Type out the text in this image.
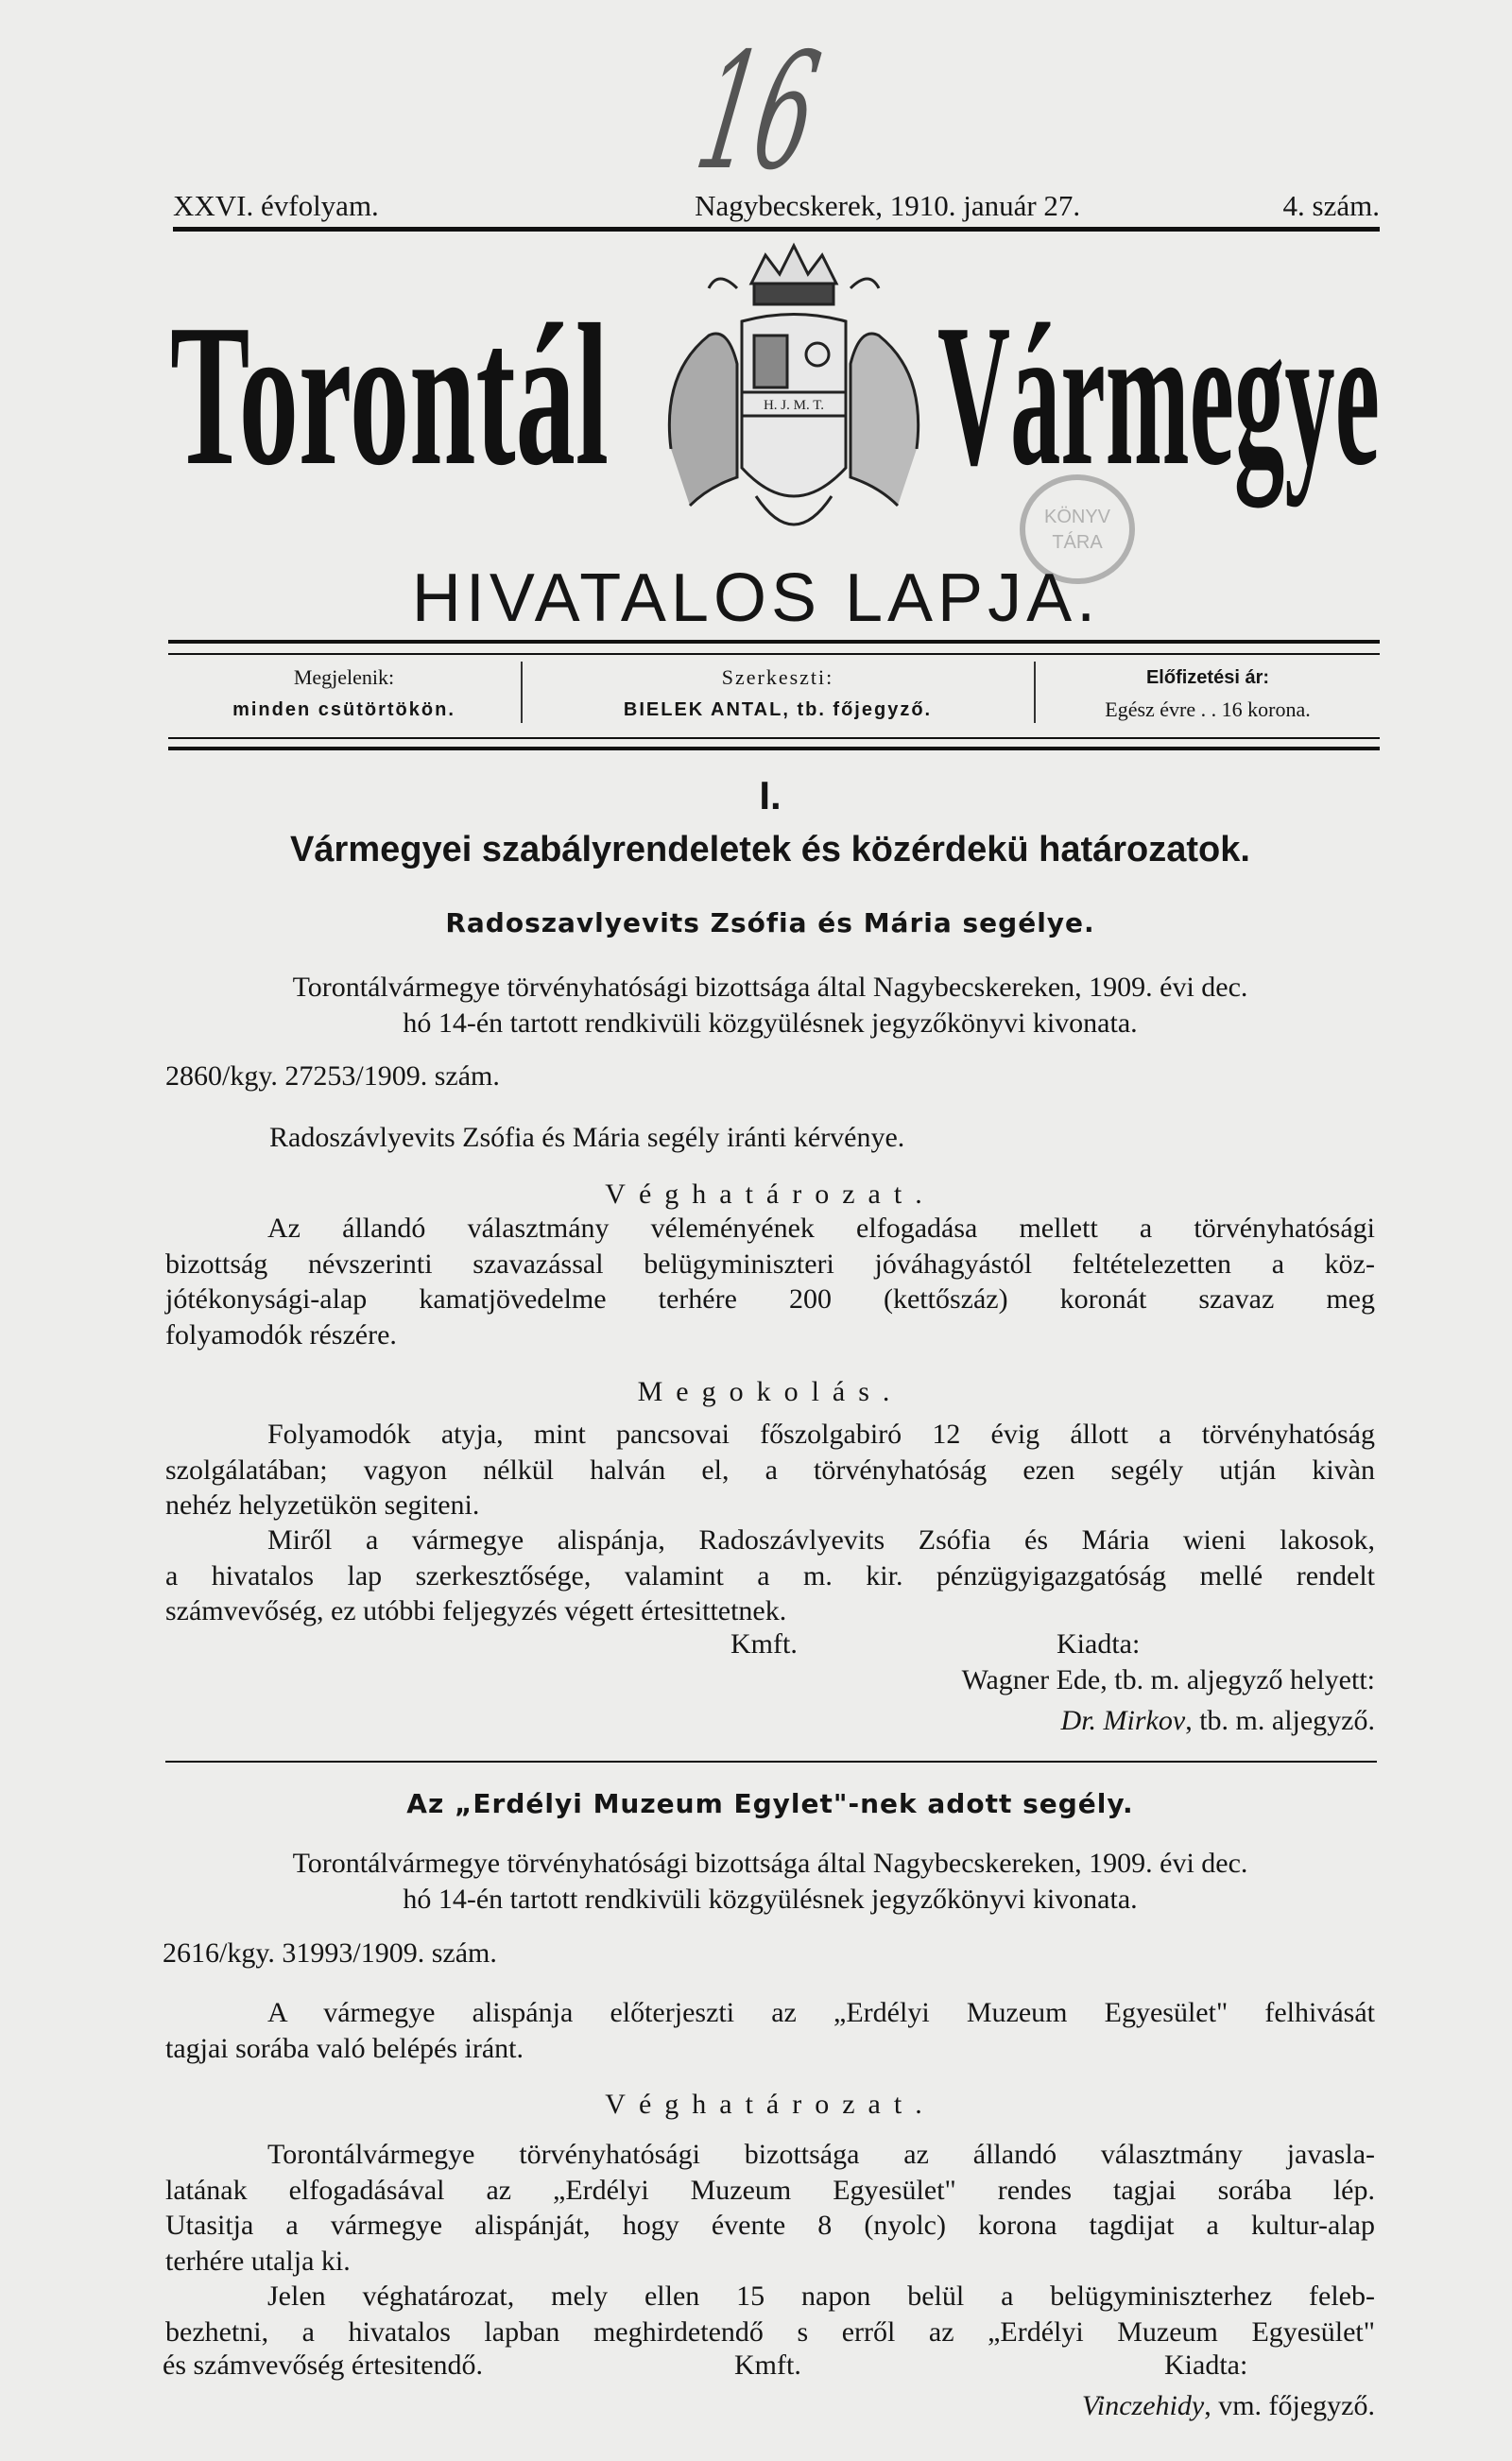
16
XXVI. évfolyam.	Nagybecskerek, 1910. január 27.	4. szám.
Torontál Vármegye
H. J. M. T.
KÖNYV
TÁRA
HIVATALOS LAPJA.
Megjelenik:
minden csütörtökön.
Szerkeszti:
BIELEK ANTAL, tb. főjegyző.
Előfizetési ár:
Egész évre . . 16 korona.
I.
Vármegyei szabályrendeletek és közérdekü határozatok.
Radoszavlyevits Zsófia és Mária segélye.
Torontálvármegye törvényhatósági bizottsága által Nagybecskereken, 1909. évi dec.
hó 14-én tartott rendkivüli közgyülésnek jegyzőkönyvi kivonata.
2860/kgy. 27253/1909. szám.
Radoszávlyevits Zsófia és Mária segély iránti kérvénye.
Véghatározat.
Az állandó választmány véleményének elfogadása mellett a törvényhatósági
bizottság névszerinti szavazással belügyminiszteri jóváhagyástól feltételezetten a köz-
jótékonysági-alap kamatjövedelme terhére 200 (kettőszáz) koronát szavaz meg
folyamodók részére.
Megokolás.
Folyamodók atyja, mint pancsovai főszolgabiró 12 évig állott a törvényhatóság
szolgálatában; vagyon nélkül halván el, a törvényhatóság ezen segély utján kivàn
nehéz helyzetükön segiteni.
Miről a vármegye alispánja, Radoszávlyevits Zsófia és Mária wieni lakosok,
a hivatalos lap szerkesztősége, valamint a m. kir. pénzügyigazgatóság mellé rendelt
számvevőség, ez utóbbi feljegyzés végett értesittetnek.
Kmft.	Kiadta:
Wagner Ede, tb. m. aljegyző helyett:
Dr. Mirkov, tb. m. aljegyző.
Az „Erdélyi Muzeum Egylet"-nek adott segély.
Torontálvármegye törvényhatósági bizottsága által Nagybecskereken, 1909. évi dec.
hó 14-én tartott rendkivüli közgyülésnek jegyzőkönyvi kivonata.
2616/kgy. 31993/1909. szám.
A vármegye alispánja előterjeszti az „Erdélyi Muzeum Egyesület" felhivását
tagjai sorába való belépés iránt.
Véghatározat.
Torontálvármegye törvényhatósági bizottsága az állandó választmány javasla-
latának elfogadásával az „Erdélyi Muzeum Egyesület" rendes tagjai sorába lép.
Utasitja a vármegye alispánját, hogy évente 8 (nyolc) korona tagdijat a kultur-alap
terhére utalja ki.
Jelen véghatározat, mely ellen 15 napon belül a belügyminiszterhez feleb-
bezhetni, a hivatalos lapban meghirdetendő s erről az „Erdélyi Muzeum Egyesület"
és számvevőség értesitendő.	Kmft.	Kiadta:
Vinczehidy, vm. főjegyző.
